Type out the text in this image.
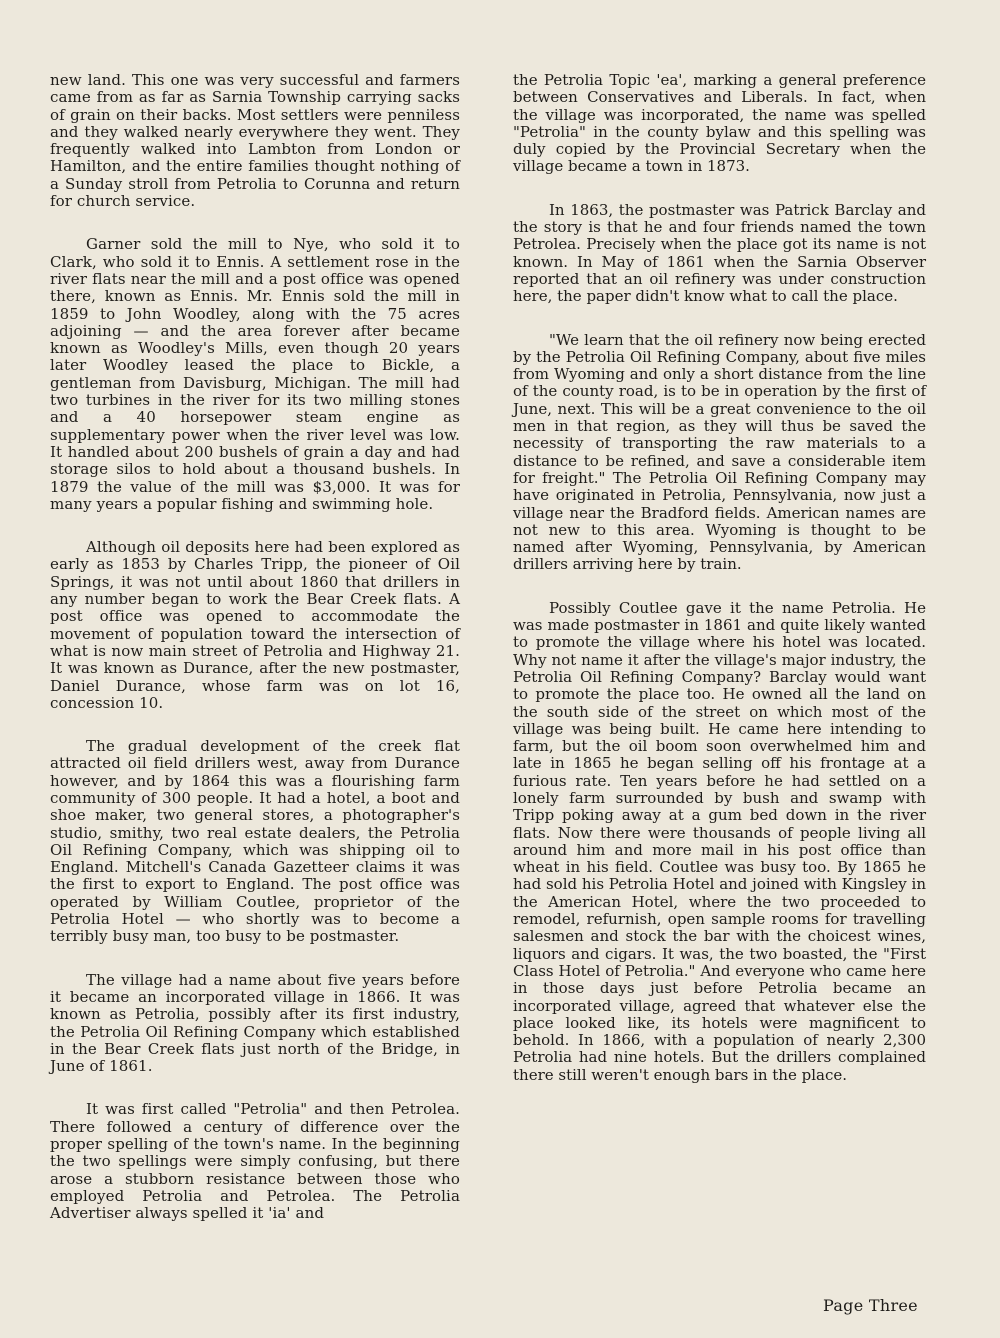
new land. This one was very successful and farmers came from as far as Sarnia Township carrying sacks of grain on their backs. Most settlers were penniless and they walked nearly everywhere they went. They frequently walked into Lambton from London or Hamilton, and the entire families thought nothing of a Sunday stroll from Petrolia to Corunna and return for church service.

Garner sold the mill to Nye, who sold it to Clark, who sold it to Ennis. A settlement rose in the river flats near the mill and a post office was opened there, known as Ennis. Mr. Ennis sold the mill in 1859 to John Woodley, along with the 75 acres adjoining — and the area forever after became known as Woodley's Mills, even though 20 years later Woodley leased the place to Bickle, a gentleman from Davisburg, Michigan. The mill had two turbines in the river for its two milling stones and a 40 horsepower steam engine as supplementary power when the river level was low. It handled about 200 bushels of grain a day and had storage silos to hold about a thousand bushels. In 1879 the value of the mill was $3,000. It was for many years a popular fishing and swimming hole.

Although oil deposits here had been explored as early as 1853 by Charles Tripp, the pioneer of Oil Springs, it was not until about 1860 that drillers in any number began to work the Bear Creek flats. A post office was opened to accommodate the movement of population toward the intersection of what is now main street of Petrolia and Highway 21. It was known as Durance, after the new postmaster, Daniel Durance, whose farm was on lot 16, concession 10.

The gradual development of the creek flat attracted oil field drillers west, away from Durance however, and by 1864 this was a flourishing farm community of 300 people. It had a hotel, a boot and shoe maker, two general stores, a photographer's studio, smithy, two real estate dealers, the Petrolia Oil Refining Company, which was shipping oil to England. Mitchell's Canada Gazetteer claims it was the first to export to England. The post office was operated by William Coutlee, proprietor of the Petrolia Hotel — who shortly was to become a terribly busy man, too busy to be postmaster.

The village had a name about five years before it became an incorporated village in 1866. It was known as Petrolia, possibly after its first industry, the Petrolia Oil Refining Company which established in the Bear Creek flats just north of the Bridge, in June of 1861.

It was first called "Petrolia" and then Petrolea. There followed a century of difference over the proper spelling of the town's name. In the beginning the two spellings were simply confusing, but there arose a stubborn resistance between those who employed Petrolia and Petrolea. The Petrolia Advertiser always spelled it 'ia' and

the Petrolia Topic 'ea', marking a general preference between Conservatives and Liberals. In fact, when the village was incorporated, the name was spelled "Petrolia" in the county bylaw and this spelling was duly copied by the Provincial Secretary when the village became a town in 1873.

In 1863, the postmaster was Patrick Barclay and the story is that he and four friends named the town Petrolea. Precisely when the place got its name is not known. In May of 1861 when the Sarnia Observer reported that an oil refinery was under construction here, the paper didn't know what to call the place.

"We learn that the oil refinery now being erected by the Petrolia Oil Refining Company, about five miles from Wyoming and only a short distance from the line of the county road, is to be in operation by the first of June, next. This will be a great convenience to the oil men in that region, as they will thus be saved the necessity of transporting the raw materials to a distance to be refined, and save a considerable item for freight." The Petrolia Oil Refining Company may have originated in Petrolia, Pennsylvania, now just a village near the Bradford fields. American names are not new to this area. Wyoming is thought to be named after Wyoming, Pennsylvania, by American drillers arriving here by train.

Possibly Coutlee gave it the name Petrolia. He was made postmaster in 1861 and quite likely wanted to promote the village where his hotel was located. Why not name it after the village's major industry, the Petrolia Oil Refining Company? Barclay would want to promote the place too. He owned all the land on the south side of the street on which most of the village was being built. He came here intending to farm, but the oil boom soon overwhelmed him and late in 1865 he began selling off his frontage at a furious rate. Ten years before he had settled on a lonely farm surrounded by bush and swamp with Tripp poking away at a gum bed down in the river flats. Now there were thousands of people living all around him and more mail in his post office than wheat in his field. Coutlee was busy too. By 1865 he had sold his Petrolia Hotel and joined with Kingsley in the American Hotel, where the two proceeded to remodel, refurnish, open sample rooms for travelling salesmen and stock the bar with the choicest wines, liquors and cigars. It was, the two boasted, the "First Class Hotel of Petrolia." And everyone who came here in those days just before Petrolia became an incorporated village, agreed that whatever else the place looked like, its hotels were magnificent to behold. In 1866, with a population of nearly 2,300 Petrolia had nine hotels. But the drillers complained there still weren't enough bars in the place.

Page Three
